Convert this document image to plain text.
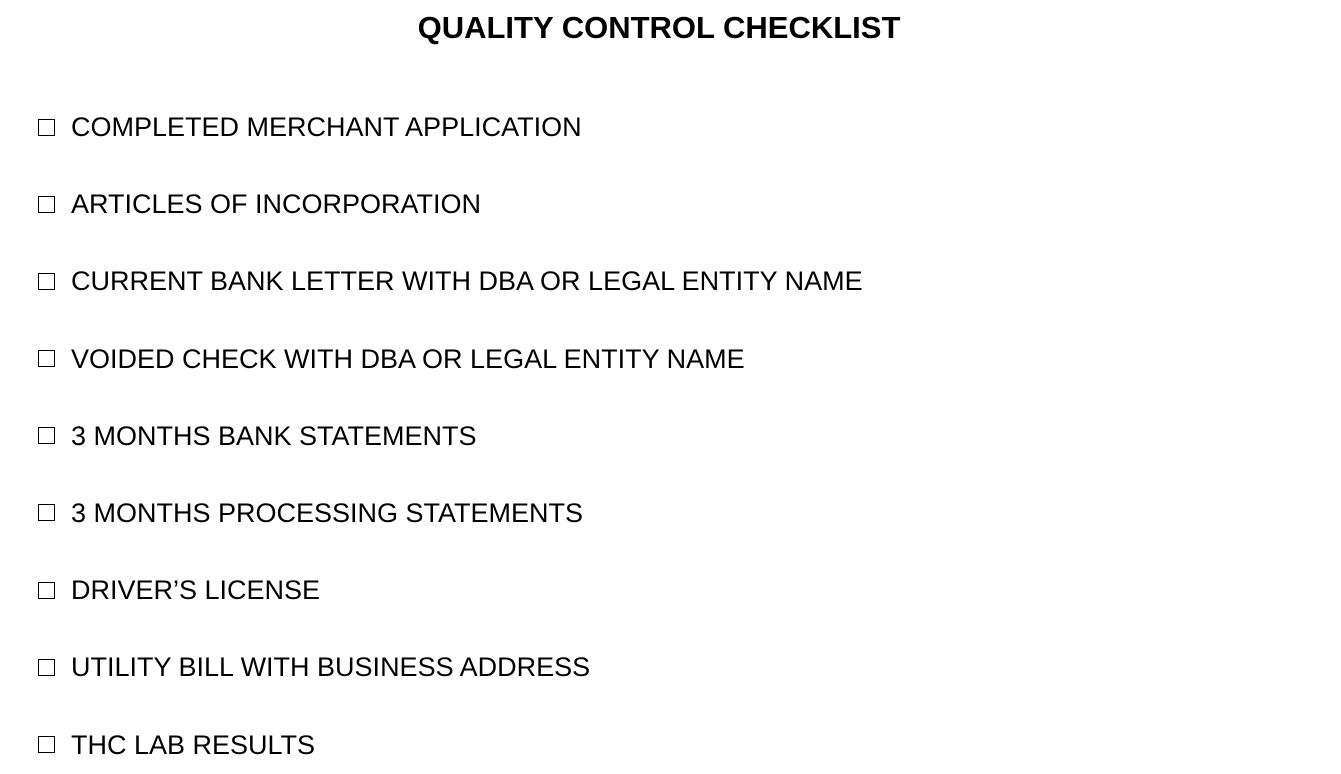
QUALITY CONTROL CHECKLIST
COMPLETED MERCHANT APPLICATION
ARTICLES OF INCORPORATION
CURRENT BANK LETTER WITH DBA OR LEGAL ENTITY NAME
VOIDED CHECK WITH DBA OR LEGAL ENTITY NAME
3 MONTHS BANK STATEMENTS
3 MONTHS PROCESSING STATEMENTS
DRIVER’S LICENSE
UTILITY BILL WITH BUSINESS ADDRESS
THC LAB RESULTS
